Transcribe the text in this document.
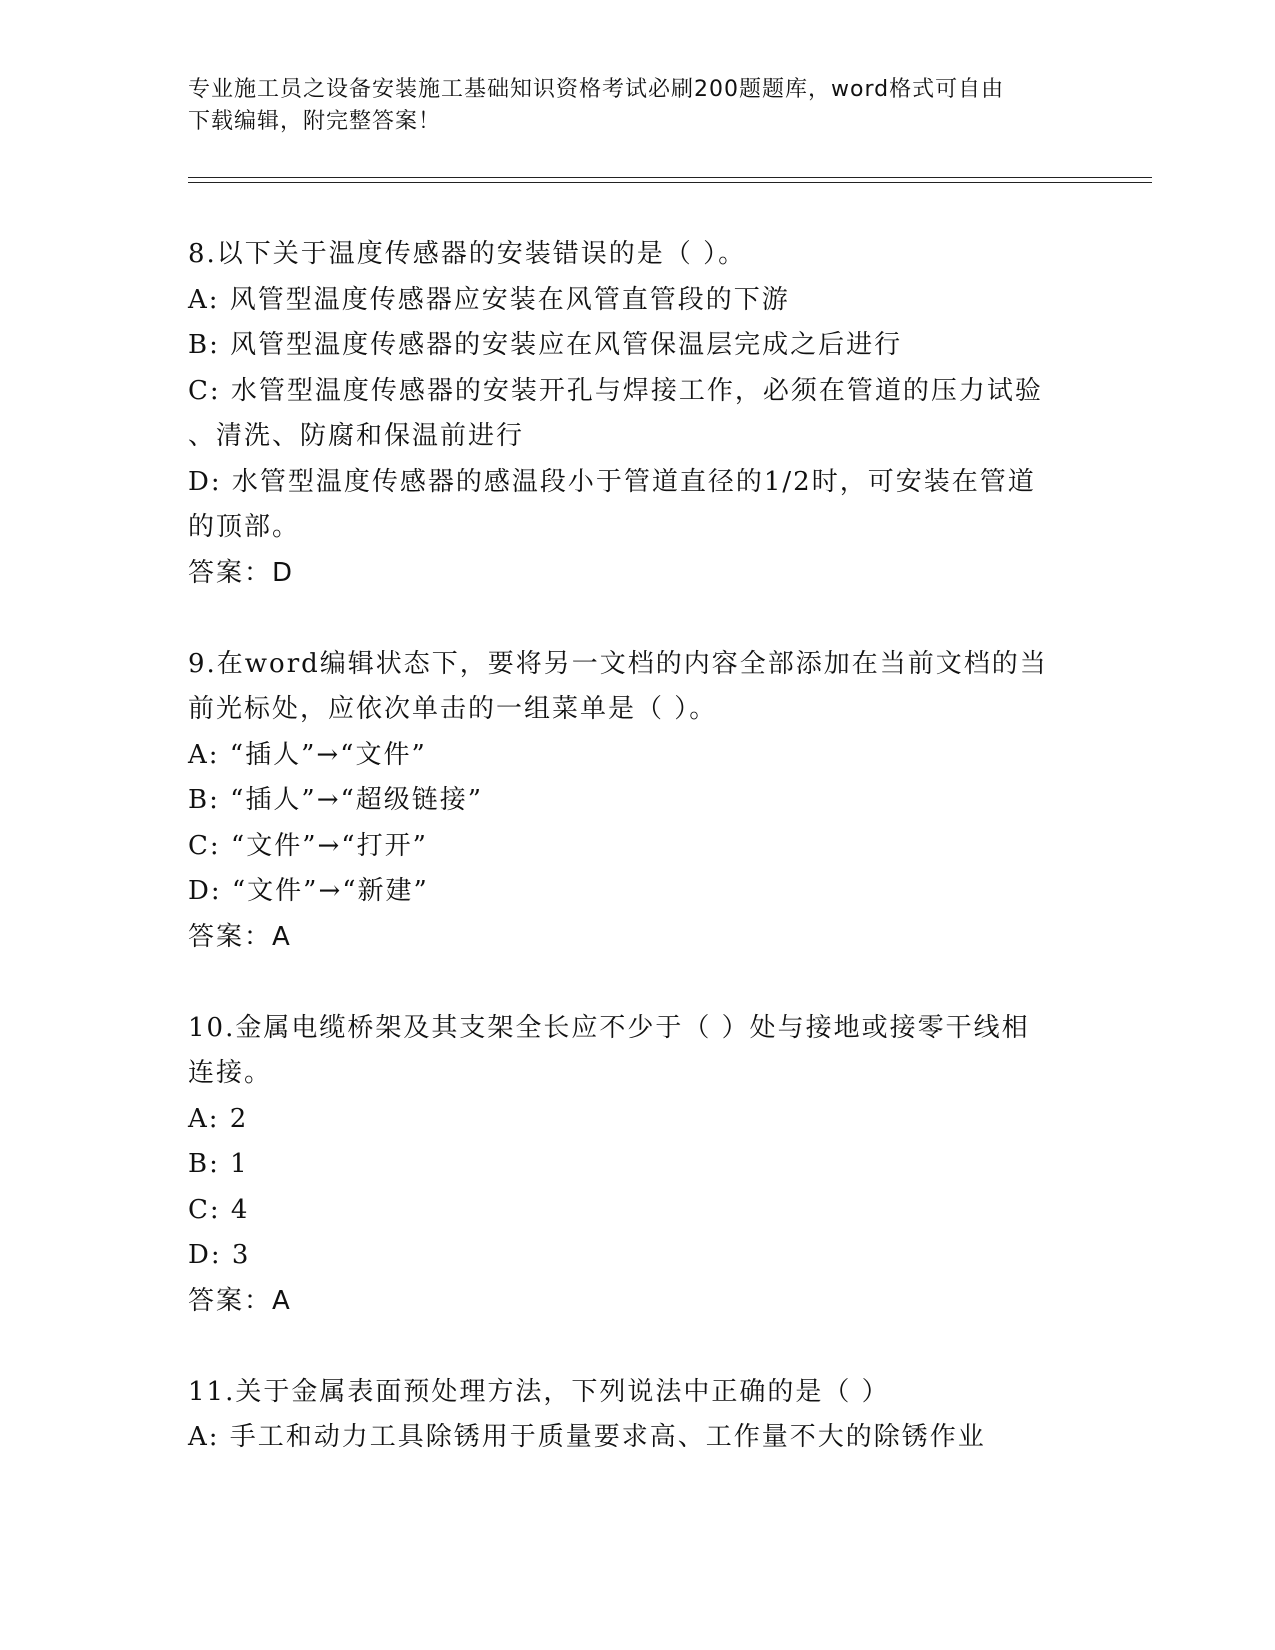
专业施工员之设备安装施工基础知识资格考试必刷200题题库，word格式可自由
下载编辑，附完整答案！
8.以下关于温度传感器的安装错误的是（ ）。
A: 风管型温度传感器应安装在风管直管段的下游
B: 风管型温度传感器的安装应在风管保温层完成之后进行
C: 水管型温度传感器的安装开孔与焊接工作，必须在管道的压力试验
、清洗、防腐和保温前进行
D: 水管型温度传感器的感温段小于管道直径的1/2时，可安装在管道
的顶部。
答案：D
9.在word编辑状态下，要将另一文档的内容全部添加在当前文档的当
前光标处，应依次单击的一组菜单是（ ）。
A: “插人”→“文件”
B: “插人”→“超级链接”
C: “文件”→“打开”
D: “文件”→“新建”
答案：A
10.金属电缆桥架及其支架全长应不少于（ ）处与接地或接零干线相
连接。
A: 2
B: 1
C: 4
D: 3
答案：A
11.关于金属表面预处理方法，下列说法中正确的是（ ）
A: 手工和动力工具除锈用于质量要求高、工作量不大的除锈作业
